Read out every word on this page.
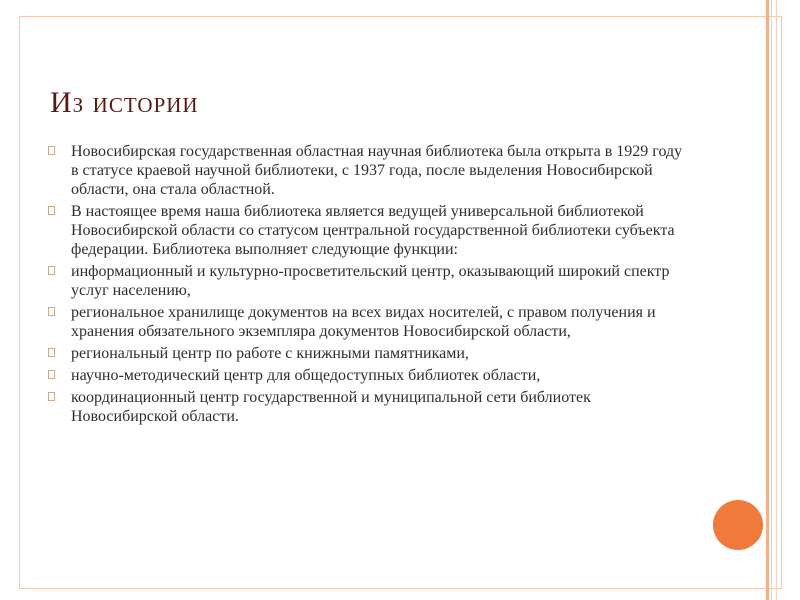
Из истории
Новосибирская государственная областная научная библиотека была открыта в 1929 году в статусе краевой научной библиотеки, с 1937 года, после выделения Новосибирской области, она стала областной.
В настоящее время наша библиотека является ведущей универсальной библиотекой Новосибирской области со статусом центральной государственной библиотеки субъекта федерации. Библиотека выполняет следующие функции:
информационный и культурно-просветительский центр, оказывающий широкий спектр услуг населению,
региональное хранилище документов на всех видах носителей, с правом получения и хранения обязательного экземпляра документов Новосибирской области,
региональный центр по работе с книжными памятниками,
научно-методический центр для общедоступных библиотек области,
координационный центр государственной и муниципальной сети библиотек Новосибирской области.
